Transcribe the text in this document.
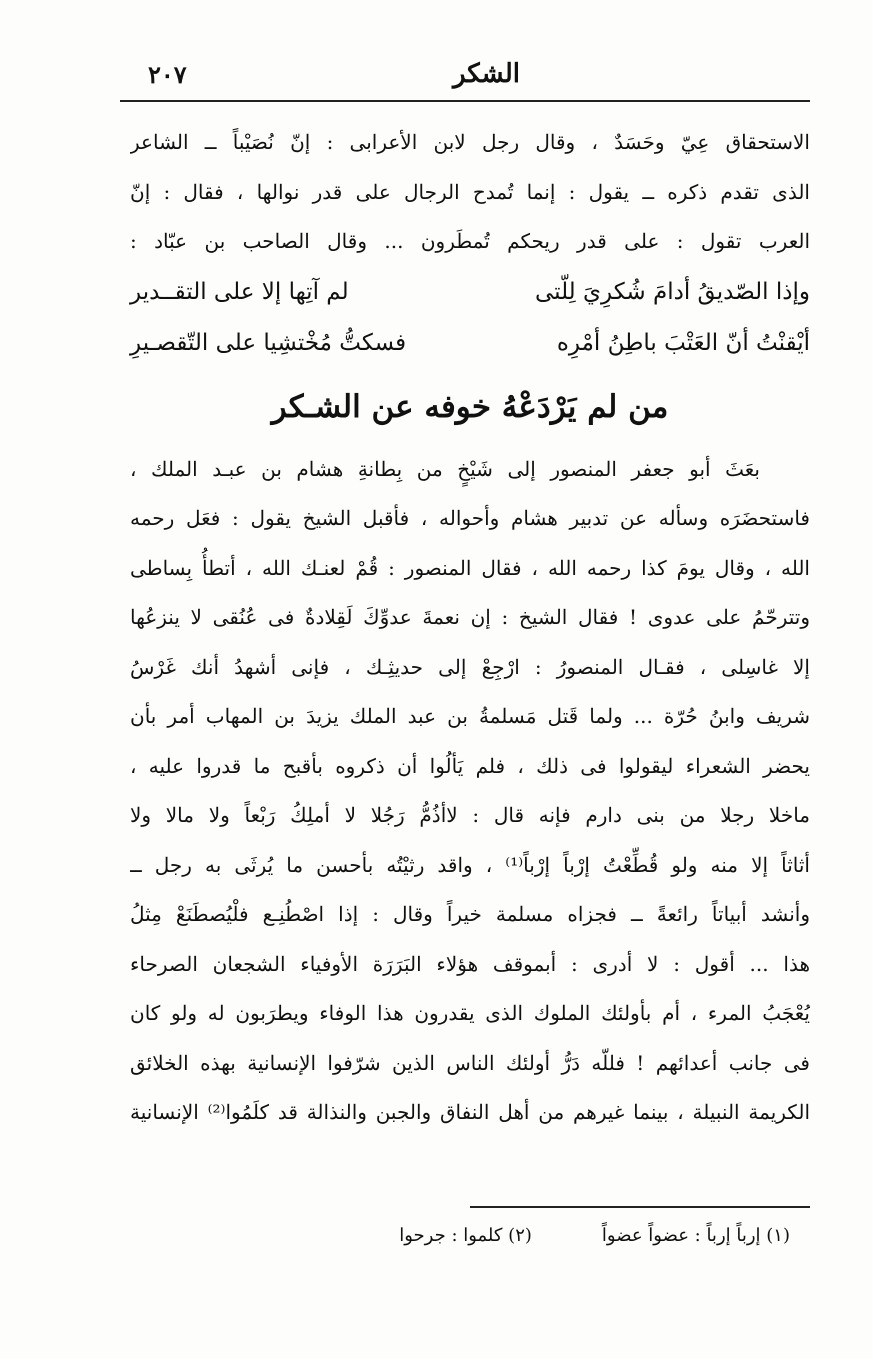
الشكر
٢٠٧
الاستحقاق عِيّ وحَسَدٌ ، وقال رجل لابن الأعرابى : إنّ نُصَيْباً ــ الشاعر
الذى تقدم ذكره ــ يقول : إنما تُمدح الرجال على قدر نوالها ، فقال : إنّ
العرب تقول : على قدر ريحكم تُمطَرون ... وقال الصاحب بن عبّاد :
وإذا الصّديقُ أدامَ شُكرِيَ لِلّتى
لم آتِها إلا على التقــدير
أيْقنْتُ أنّ العَتْبَ باطِنُ أمْرِه
فسكتُّ مُخْتشِيا على التّقصـيرِ
من لم يَرْدَعْهُ خوفه عن الشـكر
بعَثَ أبو جعفر المنصور إلى شَيْخٍ من بِطانةِ هشام بن عبـد الملك ،
فاستحضَرَه وسأله عن تدبير هشام وأحواله ، فأقبل الشيخ يقول : فعَل رحمه
الله ، وقال يومَ كذا رحمه الله ، فقال المنصور : قُمْ لعنـك الله ، أتطأُ بِساطى
وتترحّمُ على عدوى ! فقال الشيخ : إن نعمةَ عدوِّكَ لَقِلادةٌ فى عُنُقى لا ينزعُها
إلا غاسِلى ، فقـال المنصورُ : ارْجِعْ إلى حديثِـك ، فإنى أشهدُ أنك غَرْسُ
شريف وابنُ حُرّة ... ولما قَتل مَسلمةُ بن عبد الملك يزيدَ بن المهاب أمر بأن
يحضر الشعراء ليقولوا فى ذلك ، فلم يَألُوا أن ذكروه بأقبح ما قدروا عليه ،
ماخلا رجلا من بنى دارم فإنه قال : لاأذُمُّ رَجُلا لا أملِكُ رَبْعاً ولا مالا ولا
أثاثاً إلا منه ولو قُطِّعْتُ إرْباً إرْباً⁽¹⁾ ، واقد رثيْتُه بأحسن ما يُرثَى به رجل ــ
وأنشد أبياتاً رائعةً ــ فجزاه مسلمة خيراً وقال : إذا اصْطُنِـع فلْيُصطَنَعْ مِثلُ
هذا ... أقول : لا أدرى : أبموقف هؤلاء البَرَرَة الأوفياء الشجعان الصرحاء
يُعْجَبُ المرء ، أم بأولئك الملوك الذى يقدرون هذا الوفاء ويطرَبون له ولو كان
فى جانب أعدائهم ! فللّه دَرُّ أولئك الناس الذين شرّفوا الإنسانية بهذه الخلائق
الكريمة النبيلة ، بينما غيرهم من أهل النفاق والجبن والنذالة قد كلَمُوا⁽²⁾ الإنسانية
(١) إرباً إرباً : عضواً عضواً
(٢) كلموا : جرحوا
